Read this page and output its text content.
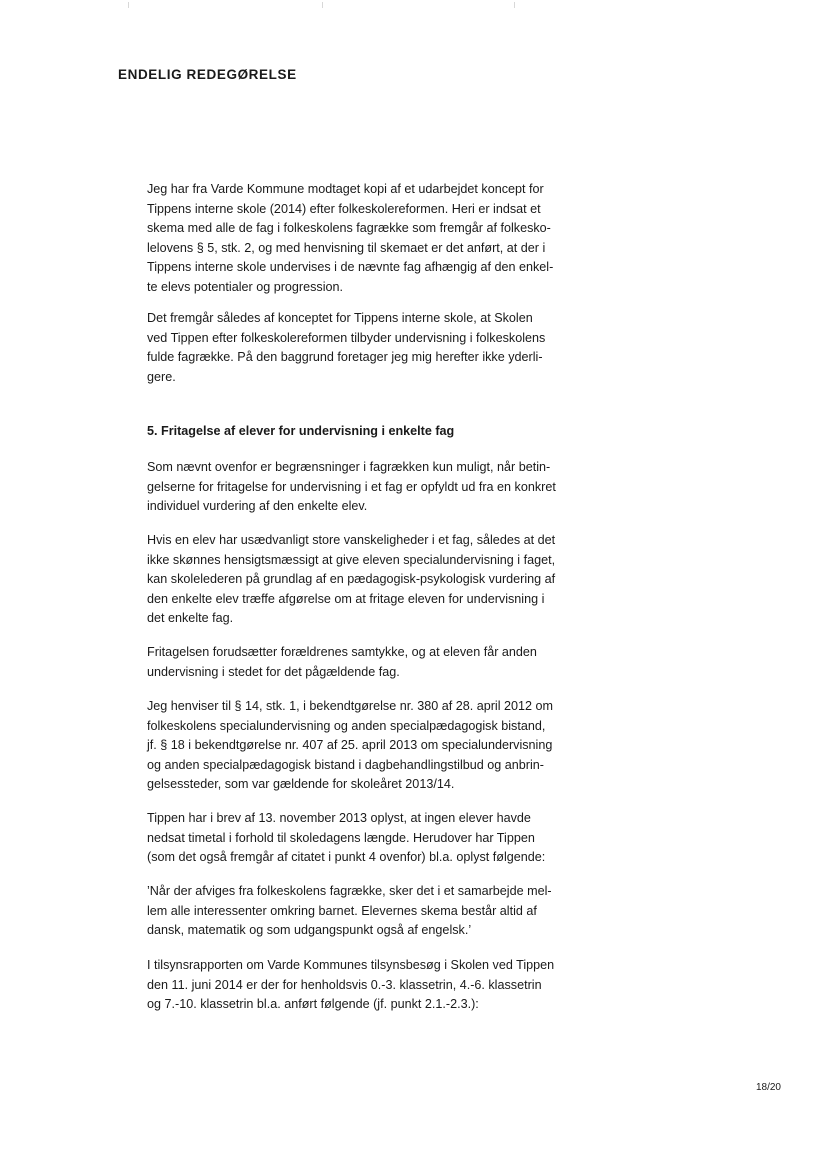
ENDELIG REDEGØRELSE

Jeg har fra Varde Kommune modtaget kopi af et udarbejdet koncept for
Tippens interne skole (2014) efter folkeskolereformen. Heri er indsat et
skema med alle de fag i folkeskolens fagrække som fremgår af folkesko-
lelovens § 5, stk. 2, og med henvisning til skemaet er det anført, at der i
Tippens interne skole undervises i de nævnte fag afhængig af den enkel-
te elevs potentialer og progression.

Det fremgår således af konceptet for Tippens interne skole, at Skolen
ved Tippen efter folkeskolereformen tilbyder undervisning i folkeskolens
fulde fagrække. På den baggrund foretager jeg mig herefter ikke yderli-
gere.

5. Fritagelse af elever for undervisning i enkelte fag

Som nævnt ovenfor er begrænsninger i fagrækken kun muligt, når betin-
gelserne for fritagelse for undervisning i et fag er opfyldt ud fra en konkret
individuel vurdering af den enkelte elev.

Hvis en elev har usædvanligt store vanskeligheder i et fag, således at det
ikke skønnes hensigtsmæssigt at give eleven specialundervisning i faget,
kan skolelederen på grundlag af en pædagogisk-psykologisk vurdering af
den enkelte elev træffe afgørelse om at fritage eleven for undervisning i
det enkelte fag.

Fritagelsen forudsætter forældrenes samtykke, og at eleven får anden
undervisning i stedet for det pågældende fag.

Jeg henviser til § 14, stk. 1, i bekendtgørelse nr. 380 af 28. april 2012 om
folkeskolens specialundervisning og anden specialpædagogisk bistand,
jf. § 18 i bekendtgørelse nr. 407 af 25. april 2013 om specialundervisning
og anden specialpædagogisk bistand i dagbehandlingstilbud og anbrin-
gelsessteder, som var gældende for skoleåret 2013/14.

Tippen har i brev af 13. november 2013 oplyst, at ingen elever havde
nedsat timetal i forhold til skoledagens længde. Herudover har Tippen
(som det også fremgår af citatet i punkt 4 ovenfor) bl.a. oplyst følgende:

’Når der afviges fra folkeskolens fagrække, sker det i et samarbejde mel-
lem alle interessenter omkring barnet. Elevernes skema består altid af
dansk, matematik og som udgangspunkt også af engelsk.’

I tilsynsrapporten om Varde Kommunes tilsynsbesøg i Skolen ved Tippen
den 11. juni 2014 er der for henholdsvis 0.-3. klassetrin, 4.-6. klassetrin
og 7.-10. klassetrin bl.a. anført følgende (jf. punkt 2.1.-2.3.):

18/20
